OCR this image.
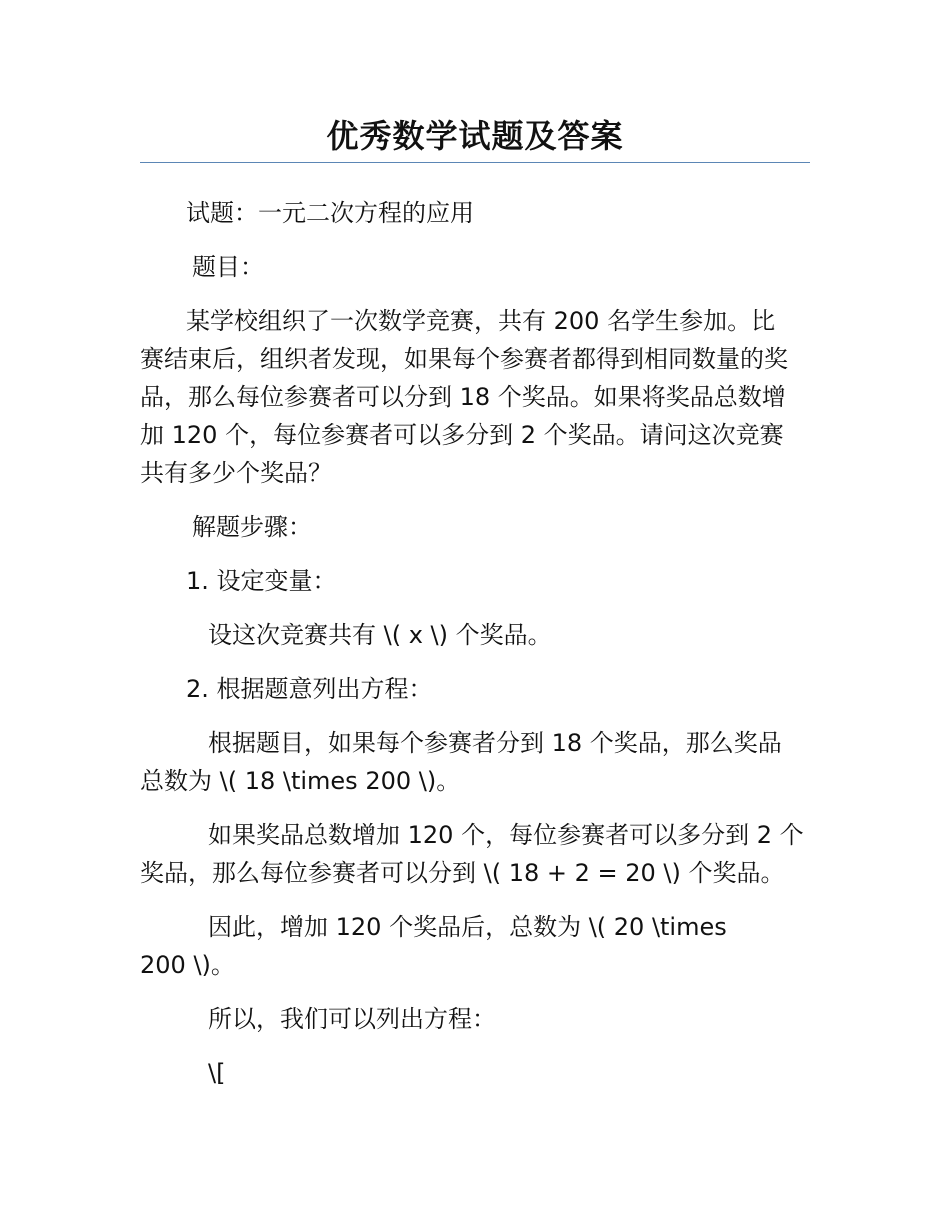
优秀数学试题及答案

试题：一元二次方程的应用

题目：

某学校组织了一次数学竞赛，共有 200 名学生参加。比
赛结束后，组织者发现，如果每个参赛者都得到相同数量的奖
品，那么每位参赛者可以分到 18 个奖品。如果将奖品总数增
加 120 个，每位参赛者可以多分到 2 个奖品。请问这次竞赛
共有多少个奖品？

解题步骤：

1. 设定变量：

设这次竞赛共有 \( x \) 个奖品。

2. 根据题意列出方程：

根据题目，如果每个参赛者分到 18 个奖品，那么奖品
总数为 \( 18 \times 200 \)。

如果奖品总数增加 120 个，每位参赛者可以多分到 2 个
奖品，那么每位参赛者可以分到 \( 18 + 2 = 20 \) 个奖品。

因此，增加 120 个奖品后，总数为 \( 20 \times
200 \)。

所以，我们可以列出方程：

\[
